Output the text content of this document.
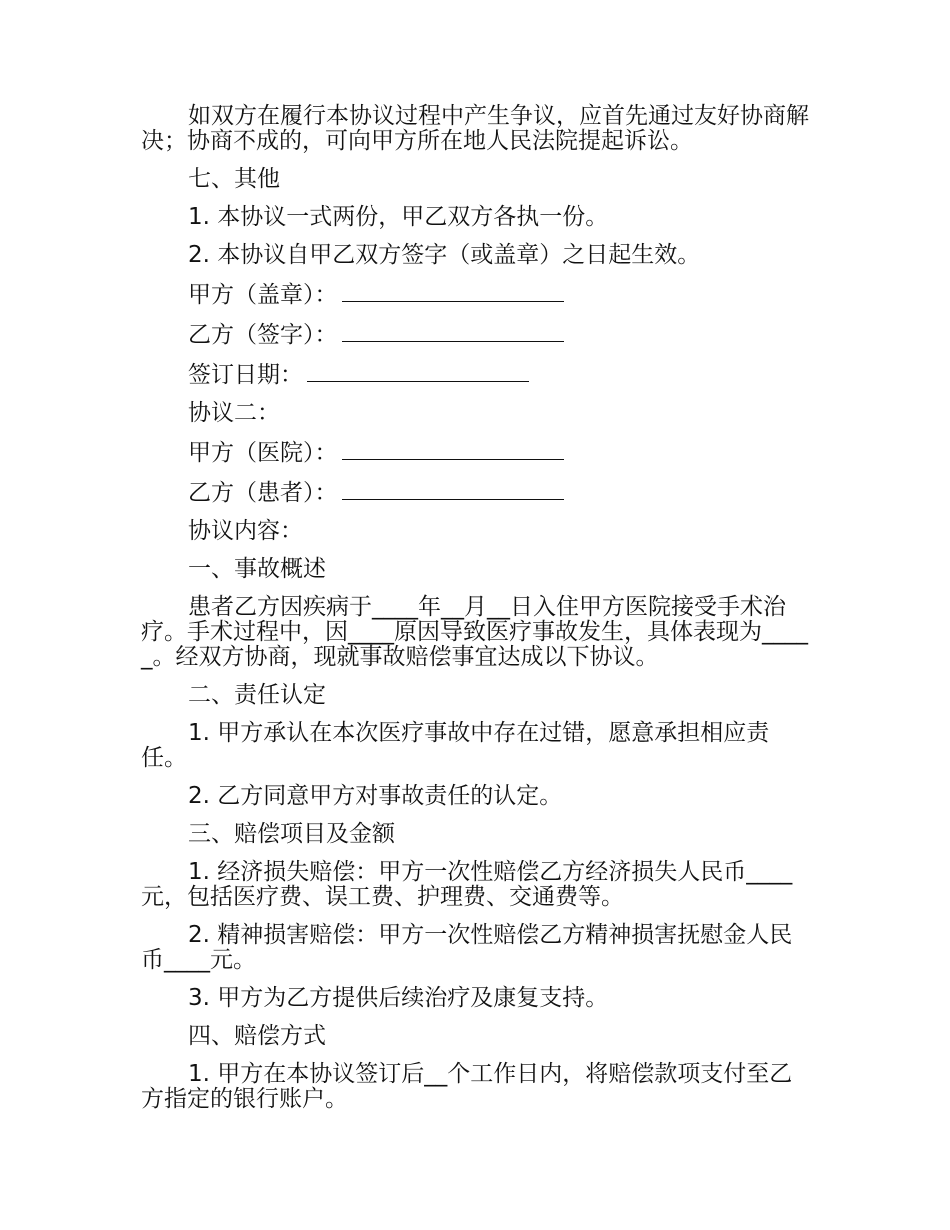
如双方在履行本协议过程中产生争议，应首先通过友好协商解决；协商不成的，可向甲方所在地人民法院提起诉讼。

七、其他

1. 本协议一式两份，甲乙双方各执一份。

2. 本协议自甲乙双方签字（或盖章）之日起生效。

甲方（盖章）：

乙方（签字）：

签订日期：

协议二：

甲方（医院）：

乙方（患者）：

协议内容：

一、事故概述

患者乙方因疾病于____年__月__日入住甲方医院接受手术治疗。手术过程中，因____原因导致医疗事故发生，具体表现为_____。经双方协商，现就事故赔偿事宜达成以下协议。

二、责任认定

1. 甲方承认在本次医疗事故中存在过错，愿意承担相应责任。

2. 乙方同意甲方对事故责任的认定。

三、赔偿项目及金额

1. 经济损失赔偿：甲方一次性赔偿乙方经济损失人民币____元，包括医疗费、误工费、护理费、交通费等。

2. 精神损害赔偿：甲方一次性赔偿乙方精神损害抚慰金人民币____元。

3. 甲方为乙方提供后续治疗及康复支持。

四、赔偿方式

1. 甲方在本协议签订后__个工作日内，将赔偿款项支付至乙方指定的银行账户。
